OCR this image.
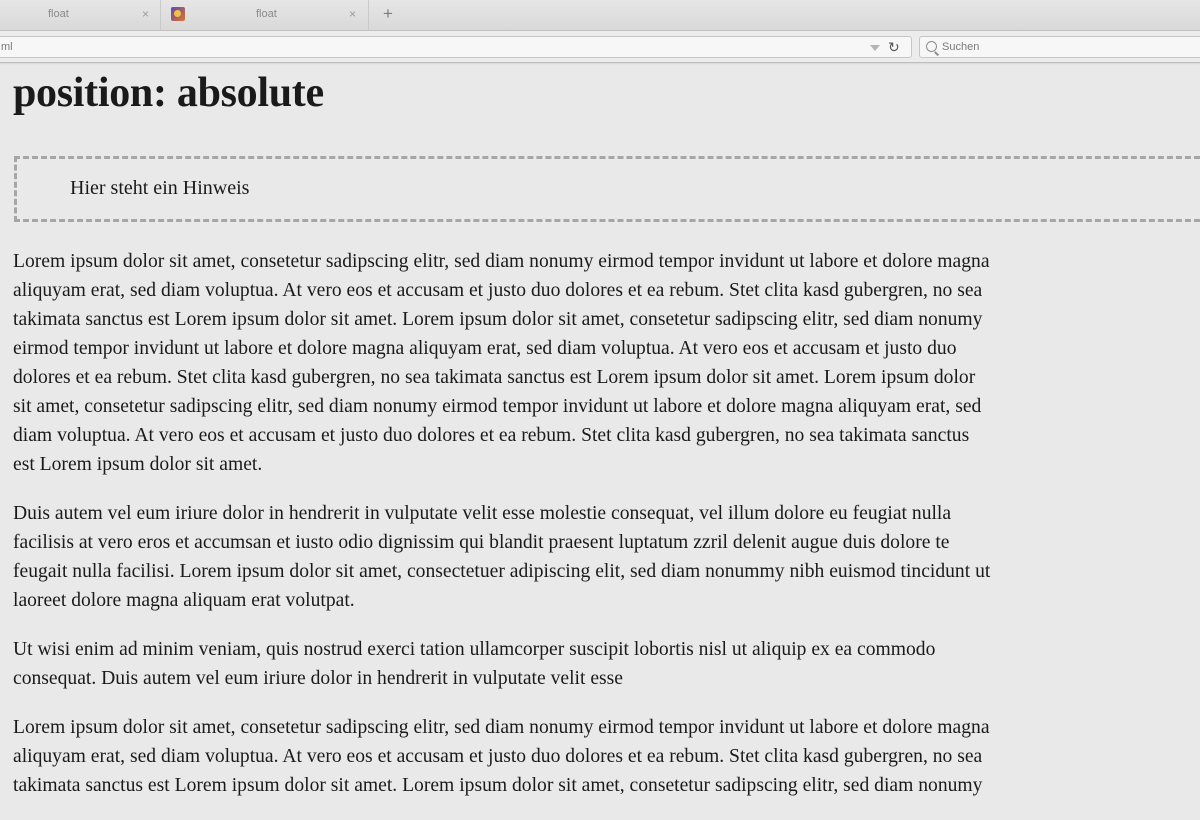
float	×	float	× +
ml	↻
Suchen
position: absolute
Hier steht ein Hinweis

Lorem ipsum dolor sit amet, consetetur sadipscing elitr, sed diam nonumy eirmod tempor invidunt ut labore et dolore magna
aliquyam erat, sed diam voluptua. At vero eos et accusam et justo duo dolores et ea rebum. Stet clita kasd gubergren, no sea
takimata sanctus est Lorem ipsum dolor sit amet. Lorem ipsum dolor sit amet, consetetur sadipscing elitr, sed diam nonumy
eirmod tempor invidunt ut labore et dolore magna aliquyam erat, sed diam voluptua. At vero eos et accusam et justo duo
dolores et ea rebum. Stet clita kasd gubergren, no sea takimata sanctus est Lorem ipsum dolor sit amet. Lorem ipsum dolor
sit amet, consetetur sadipscing elitr, sed diam nonumy eirmod tempor invidunt ut labore et dolore magna aliquyam erat, sed
diam voluptua. At vero eos et accusam et justo duo dolores et ea rebum. Stet clita kasd gubergren, no sea takimata sanctus
est Lorem ipsum dolor sit amet.

Duis autem vel eum iriure dolor in hendrerit in vulputate velit esse molestie consequat, vel illum dolore eu feugiat nulla
facilisis at vero eros et accumsan et iusto odio dignissim qui blandit praesent luptatum zzril delenit augue duis dolore te
feugait nulla facilisi. Lorem ipsum dolor sit amet, consectetuer adipiscing elit, sed diam nonummy nibh euismod tincidunt ut
laoreet dolore magna aliquam erat volutpat.

Ut wisi enim ad minim veniam, quis nostrud exerci tation ullamcorper suscipit lobortis nisl ut aliquip ex ea commodo
consequat. Duis autem vel eum iriure dolor in hendrerit in vulputate velit esse

Lorem ipsum dolor sit amet, consetetur sadipscing elitr, sed diam nonumy eirmod tempor invidunt ut labore et dolore magna
aliquyam erat, sed diam voluptua. At vero eos et accusam et justo duo dolores et ea rebum. Stet clita kasd gubergren, no sea
takimata sanctus est Lorem ipsum dolor sit amet. Lorem ipsum dolor sit amet, consetetur sadipscing elitr, sed diam nonumy
